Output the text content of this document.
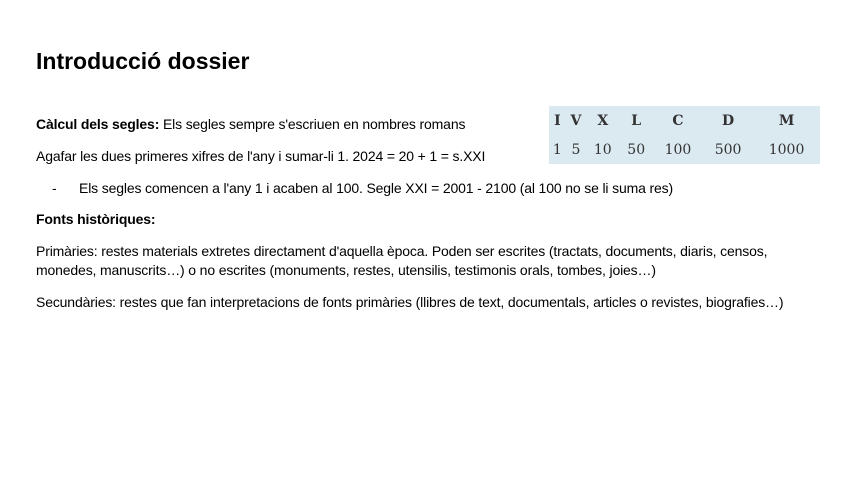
Introducció dossier
Càlcul dels segles: Els segles sempre s'escriuen en nombres romans
Agafar les dues primeres xifres de l'any i sumar-li 1. 2024 = 20 + 1 = s.XXI
- Els segles comencen a l'any 1 i acaben al 100. Segle XXI = 2001 - 2100 (al 100 no se li suma res)
Fonts històriques:
Primàries: restes materials extretes directament d'aquella època. Poden ser escrites (tractats, documents, diaris, censos, monedes, manuscrits…) o no escrites (monuments, restes, utensilis, testimonis orals, tombes, joies…)
Secundàries: restes que fan interpretacions de fonts primàries (llibres de text, documentals, articles o revistes, biografies…)
I	V	X	L	C	D	M
1	5	10	50	100	500	1000
